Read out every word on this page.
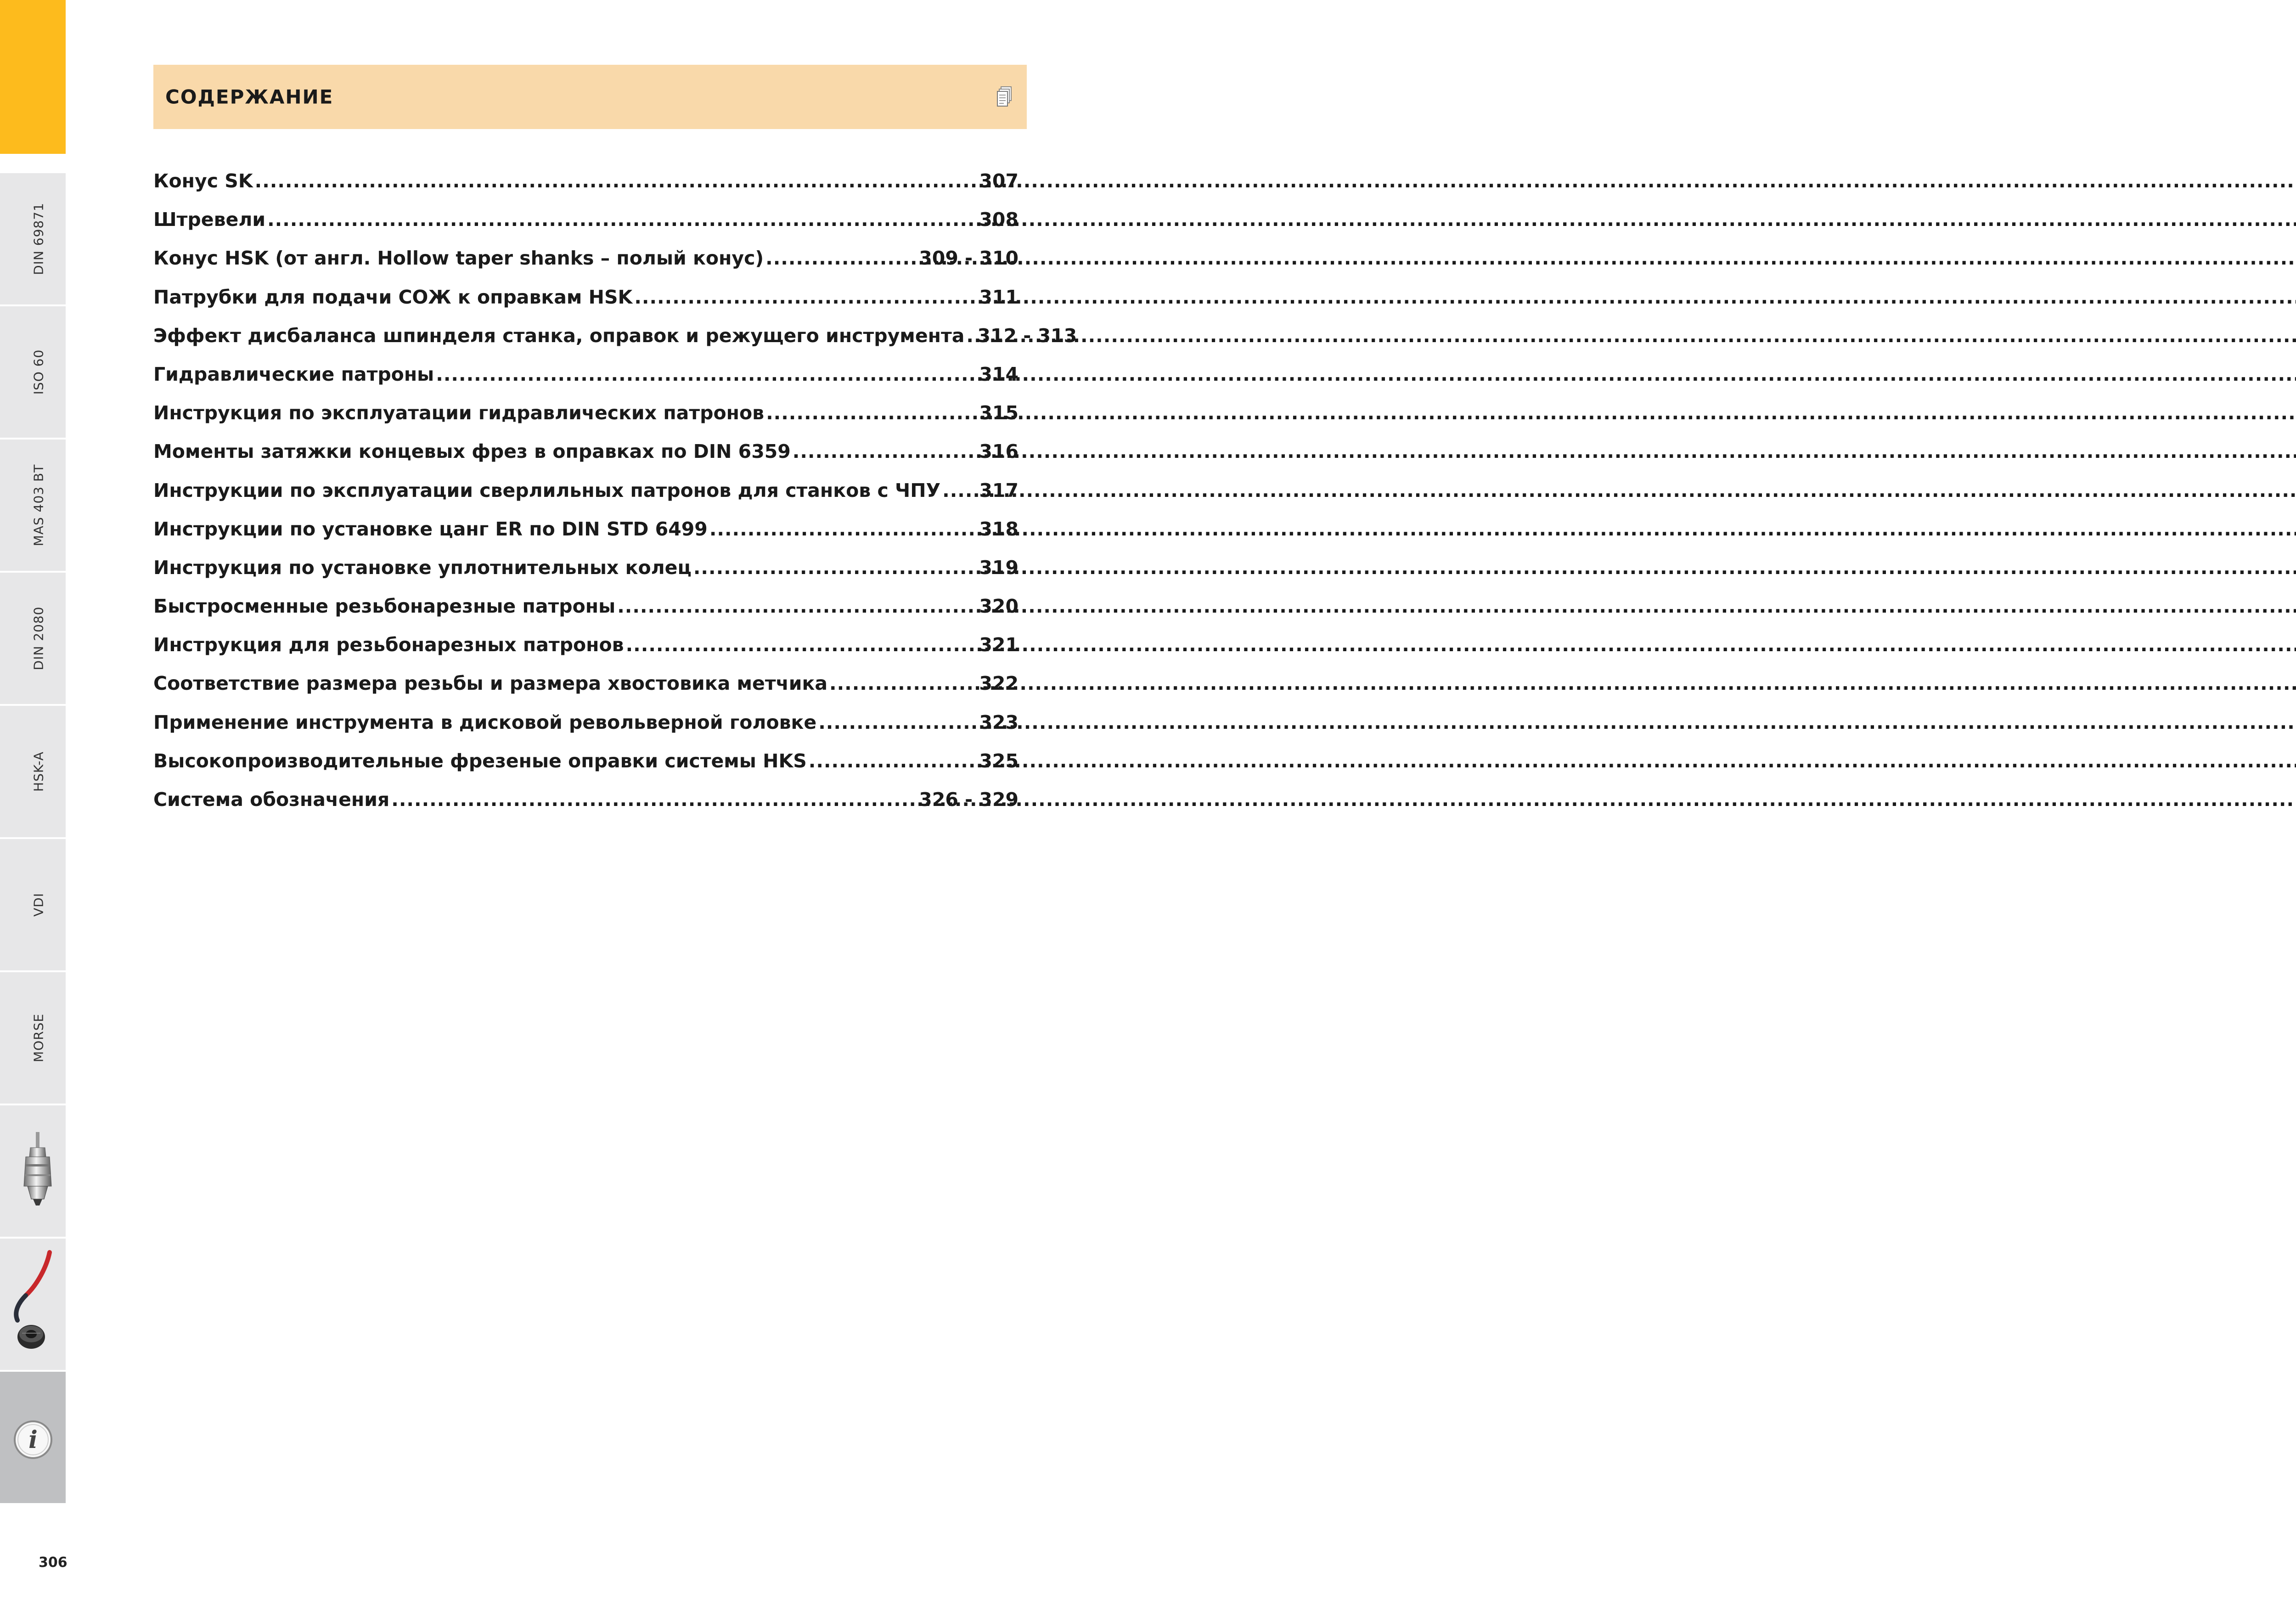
DIN 69871
ISO 60
MAS 403 BT
DIN 2080
HSK-A
VDI
MORSE
i
СОДЕРЖАНИЕ
Конус SK .....	307
Штревели .....	308
Конус HSK (от англ. Hollow taper shanks – полый конус) .....	309 - 310
Патрубки для подачи СОЖ к оправкам HSK .....	311
Эффект дисбаланса шпинделя станка, оправок и режущего инструмента ..... 312 - 313
Гидравлические патроны .....	314
Инструкция по эксплуатации гидравлических патронов .....	315
Моменты затяжки концевых фрез в оправках по DIN 6359 .....	316
Инструкции по эксплуатации сверлильных патронов для станков с ЧПУ ..... 317
Инструкции по установке цанг ER по DIN STD 6499 .....	318
Инструкция по установке уплотнительных колец .....	319
Быстросменные резьбонарезные патроны .....	320
Инструкция для резьбонарезных патронов .....	321
Соответствие размера резьбы и размера хвостовика метчика .....	322
Применение инструмента в дисковой револьверной головке .....	323
Высокопроизводительные фрезеные оправки системы HKS .....	325
Система обозначения .....	326 - 329
306
